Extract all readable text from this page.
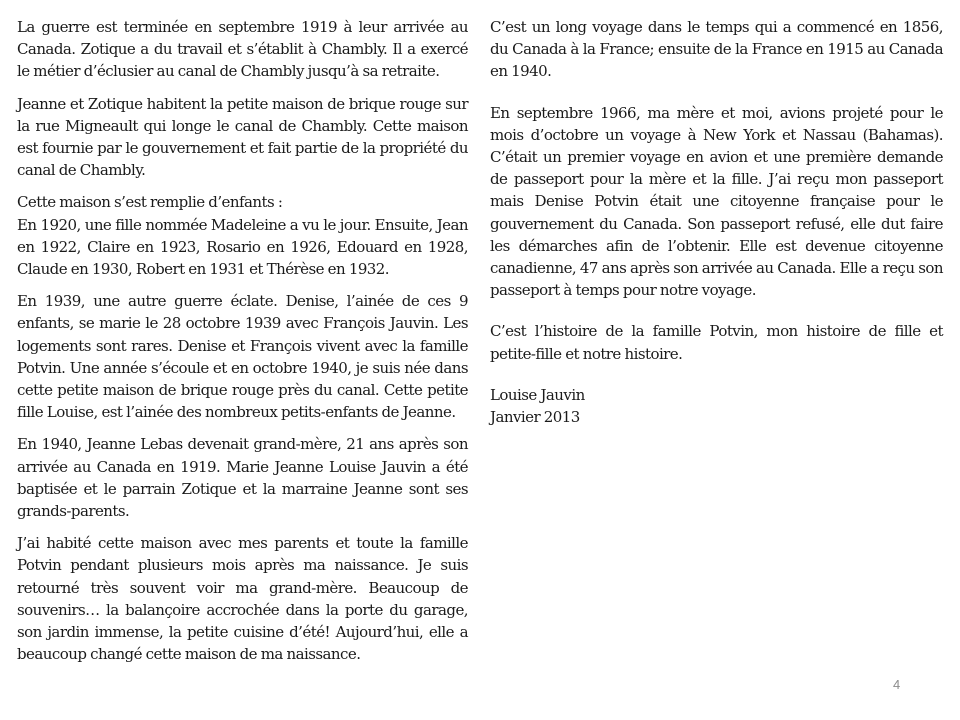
La guerre est terminée en septembre 1919 à leur arrivée au Canada. Zotique a du travail et s’établit à Chambly. Il a exercé le métier d’éclusier au canal de Chambly jusqu’à sa retraite.

Jeanne et Zotique habitent la petite maison de brique rouge sur la rue Migneault qui longe le canal de Chambly. Cette maison est fournie par le gouvernement et fait partie de la propriété du canal de Chambly.

Cette maison s’est remplie d’enfants :
En 1920, une fille nommée Madeleine a vu le jour. Ensuite, Jean en 1922, Claire en 1923, Rosario en 1926, Edouard en 1928, Claude en 1930, Robert en 1931 et Thérèse en 1932.

En 1939, une autre guerre éclate. Denise, l’ainée de ces 9 enfants, se marie le 28 octobre 1939 avec François Jauvin. Les logements sont rares. Denise et François vivent avec la famille Potvin. Une année s’écoule et en octobre 1940, je suis née dans cette petite maison de brique rouge près du canal. Cette petite fille Louise, est l’ainée des nombreux petits-enfants de Jeanne.

En 1940, Jeanne Lebas devenait grand-mère, 21 ans après son arrivée au Canada en 1919. Marie Jeanne Louise Jauvin a été baptisée et le parrain Zotique et la marraine Jeanne sont ses grands-parents.

J’ai habité cette maison avec mes parents et toute la famille Potvin pendant plusieurs mois après ma naissance. Je suis retourné très souvent voir ma grand-mère. Beaucoup de souvenirs… la balançoire accrochée dans la porte du garage, son jardin immense, la petite cuisine d’été! Aujourd’hui, elle a beaucoup changé cette maison de ma naissance.

C’est un long voyage dans le temps qui a commencé en 1856, du Canada à la France; ensuite de la France en 1915 au Canada en 1940.

En septembre 1966, ma mère et moi, avions projeté pour le mois d’octobre un voyage à New York et Nassau (Bahamas). C’était un premier voyage en avion et une première demande de passeport pour la mère et la fille. J’ai reçu mon passeport mais Denise Potvin était une citoyenne française pour le gouvernement du Canada. Son passeport refusé, elle dut faire les démarches afin de l’obtenir. Elle est devenue citoyenne canadienne, 47 ans après son arrivée au Canada. Elle a reçu son passeport à temps pour notre voyage.

C’est l’histoire de la famille Potvin, mon histoire de fille et petite-fille et notre histoire.

Louise Jauvin
Janvier 2013

4
